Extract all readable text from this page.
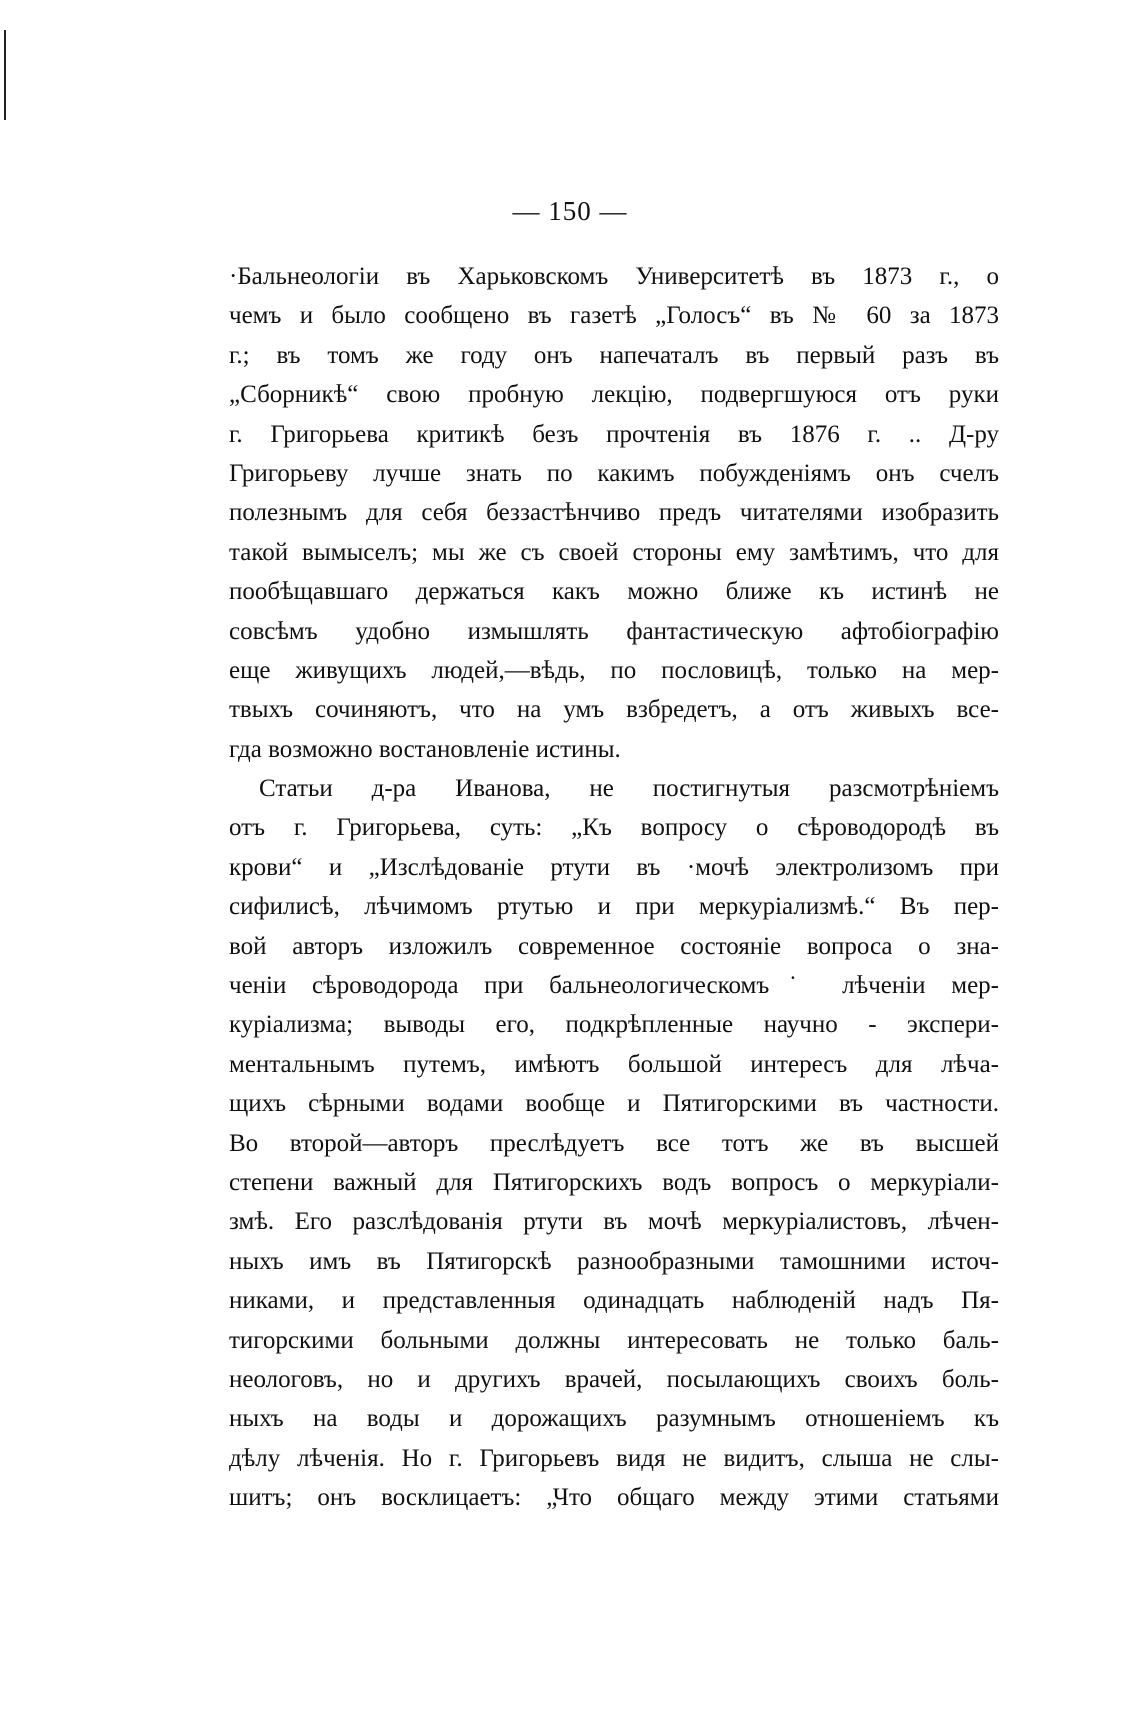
— 150 —
·Бальнеологіи въ Харьковскомъ Университетѣ въ 1873 г., о
чемъ и было сообщено въ газетѣ „Голосъ“ въ № 60 за 1873
г.; въ томъ же году онъ напечаталъ въ первый разъ въ
„Сборникѣ“ свою пробную лекцію, подвергшуюся отъ руки
г. Григорьева критикѣ безъ прочтенія въ 1876 г. .. Д-ру
Григорьеву лучше знать по какимъ побужденіямъ онъ счелъ
полезнымъ для себя беззастѣнчиво предъ читателями изобразить
такой вымыселъ; мы же съ своей стороны ему замѣтимъ, что для
пообѣщавшаго держаться какъ можно ближе къ истинѣ не
совсѣмъ удобно измышлять фантастическую афтобіографію
еще живущихъ людей,—вѣдь, по пословицѣ, только на мер-
твыхъ сочиняютъ, что на умъ взбредетъ, а отъ живыхъ все-
гда возможно востановленіе истины.
Статьи д-ра Иванова, не постигнутыя разсмотрѣніемъ
отъ г. Григорьева, суть: „Къ вопросу о сѣроводородѣ въ
крови“ и „Изслѣдованіе ртути въ ·мочѣ электролизомъ при
сифилисѣ, лѣчимомъ ртутью и при меркуріализмѣ.“ Въ пер-
вой авторъ изложилъ современное состояніе вопроса о зна-
ченіи сѣроводорода при бальнеологическомъ˙ лѣченіи мер-
куріализма; выводы его, подкрѣпленные научно - экспери-
ментальнымъ путемъ, имѣютъ большой интересъ для лѣча-
щихъ сѣрными водами вообще и Пятигорскими въ частности.
Во второй—авторъ преслѣдуетъ все тотъ же въ высшей
степени важный для Пятигорскихъ водъ вопросъ о меркуріали-
змѣ. Его разслѣдованія ртути въ мочѣ меркуріалистовъ, лѣчен-
ныхъ имъ въ Пятигорскѣ разнообразными тамошними источ-
никами, и представленныя одинадцать наблюденій надъ Пя-
тигорскими больными должны интересовать не только баль-
неологовъ, но и другихъ врачей, посылающихъ своихъ боль-
ныхъ на воды и дорожащихъ разумнымъ отношеніемъ къ
дѣлу лѣченія. Но г. Григорьевъ видя не видитъ, слыша не слы-
шитъ; онъ восклицаетъ: „Что общаго между этими статьями
